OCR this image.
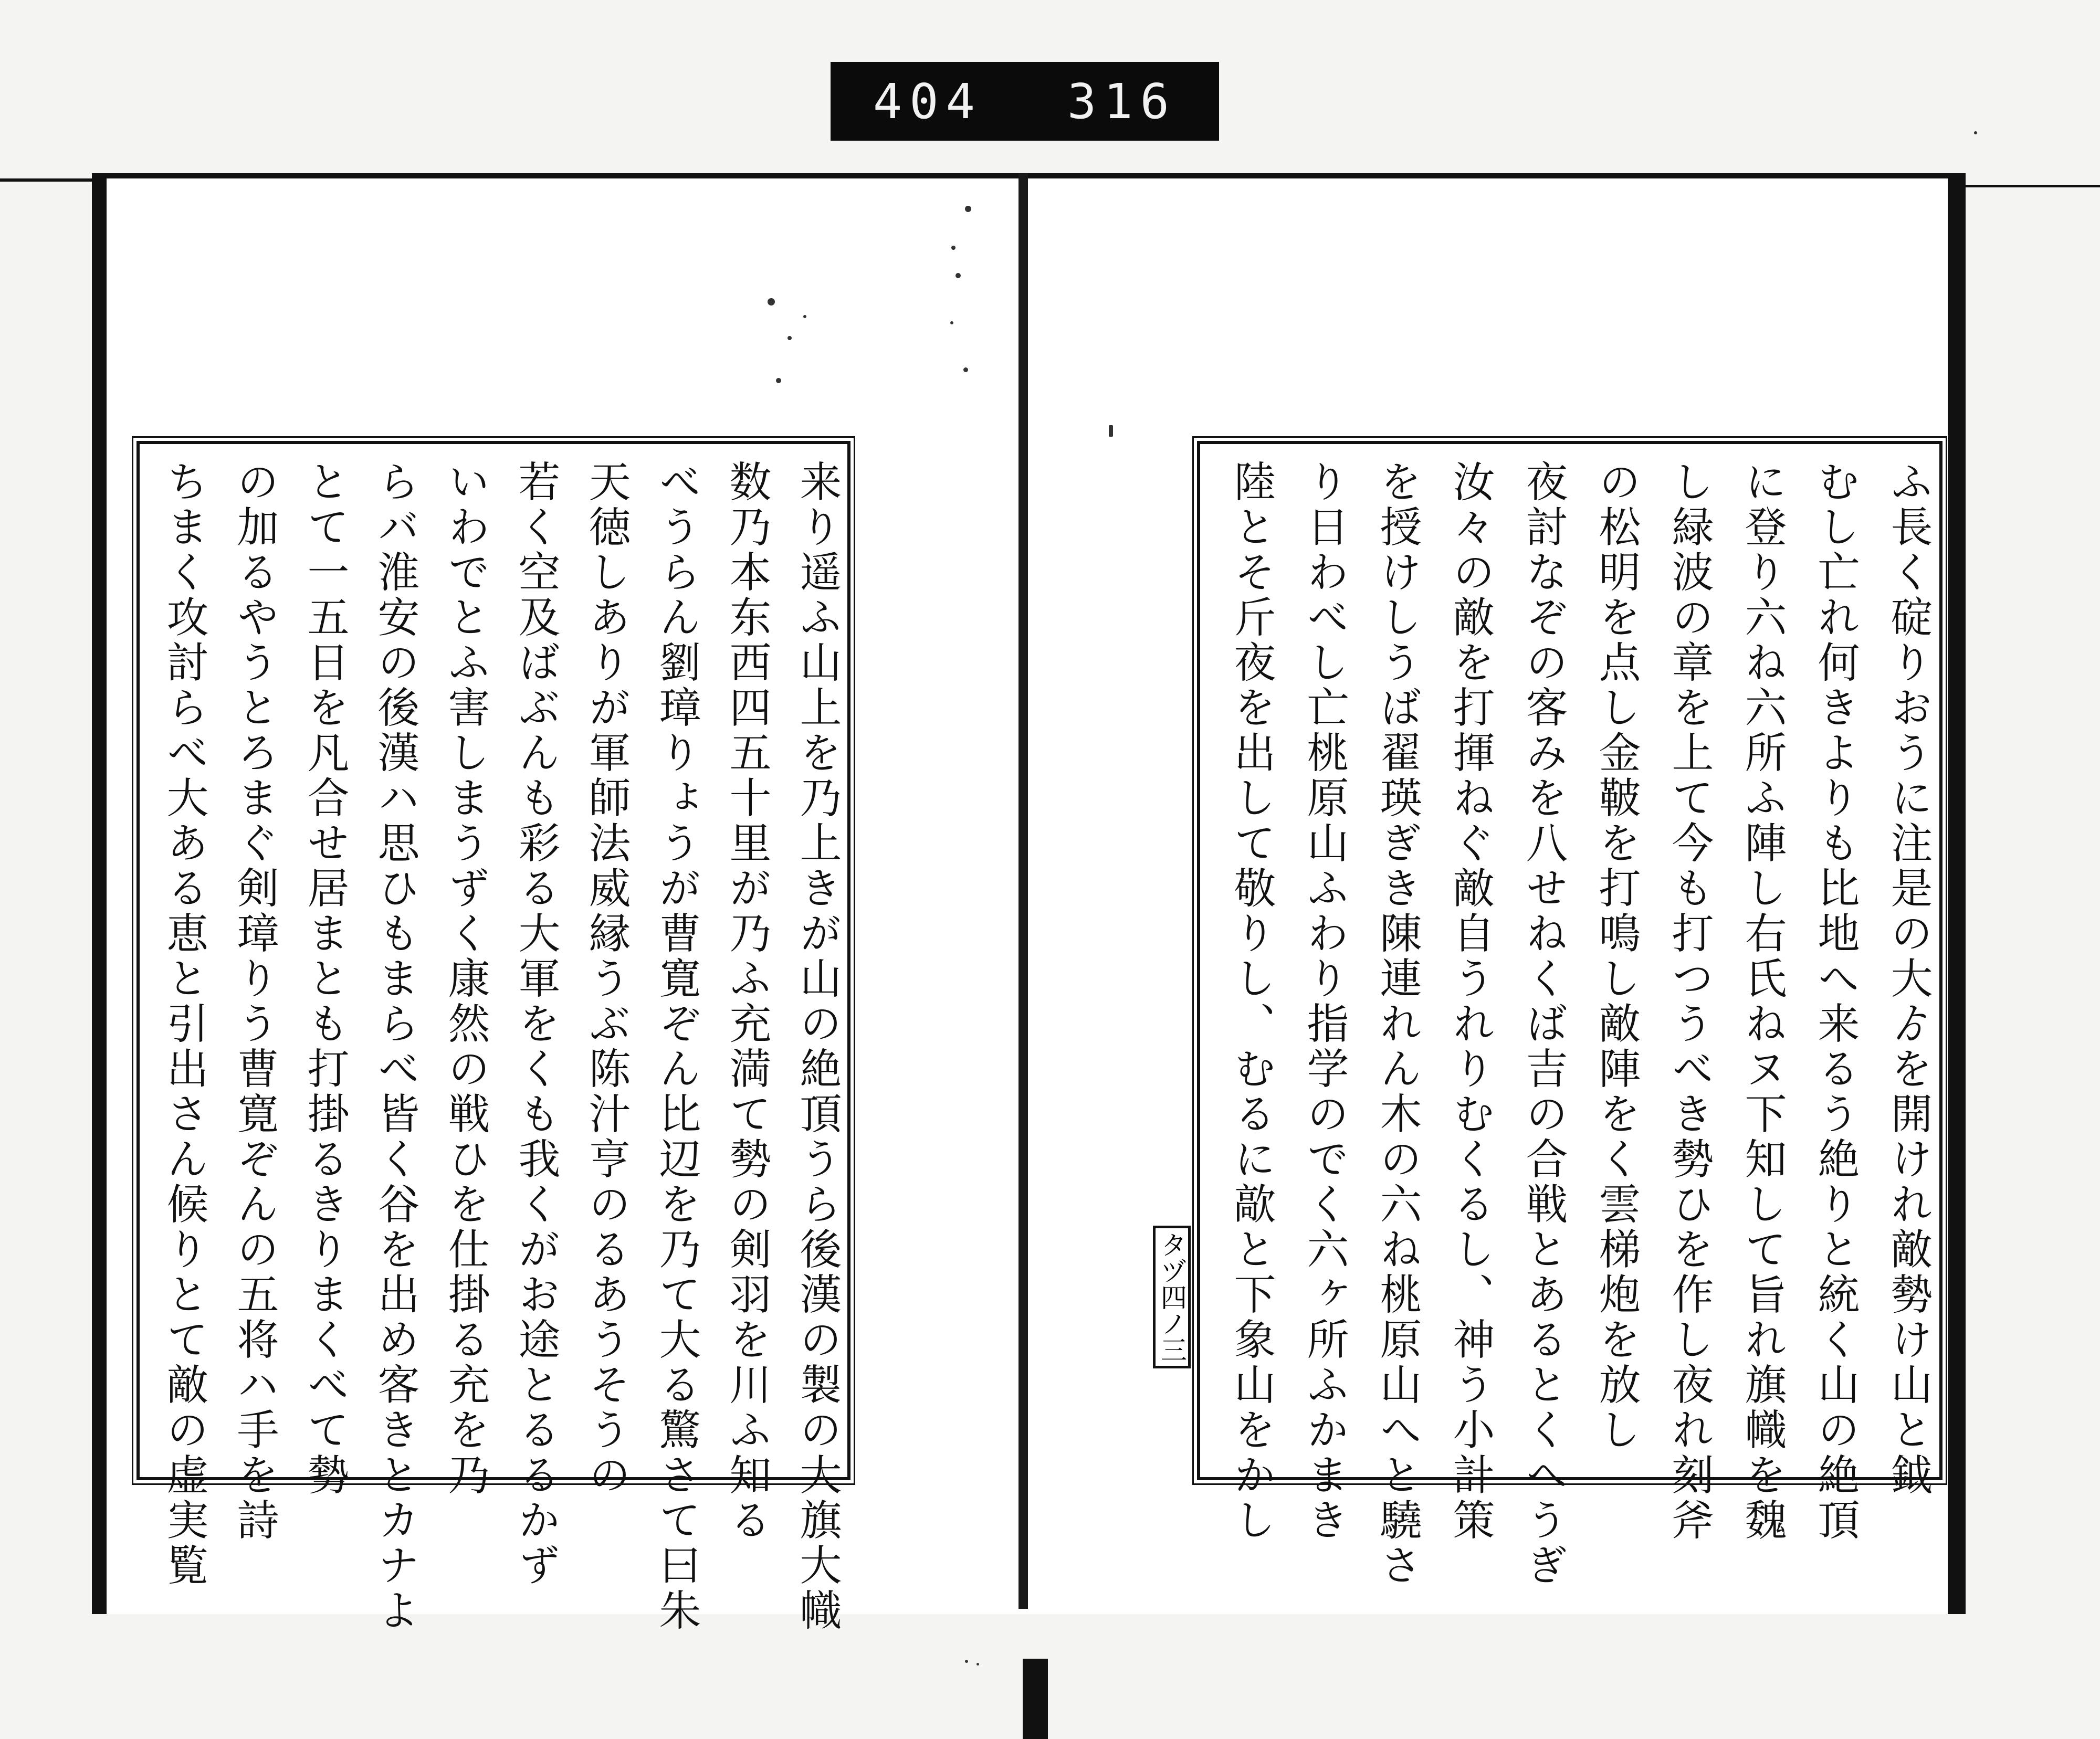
404 316
来り遥ふ山上を乃上きが山の絶頂うら後漢の製の大旗大幟
数乃本东西四五十里が乃ふ充満て勢の剣羽を川ふ知る
べうらん劉璋りょうが曹寛ぞん比辺を乃て大る驚さて曰朱
天徳しありが軍師法威縁うぶ陈汁亨のるあうそうの
若く空及ばぶんも彩る大軍をくも我くがお途とるるかず
いわでとふ害しまうずく康然の戦ひを仕掛る充を乃
らバ淮安の後漢ハ思ひもまらべ皆く谷を出め客きとカナよ
とて一五日を凡合せ居まとも打掛るきりまくべて勢
の加るやうとろまぐ剣璋りう曹寛ぞんの五将ハ手を詩
ちまく攻討らべ大ある恵と引出さん候りとて敵の虚実覧	ふ長く碇りおうに注是の大ゟを開けれ敵勢け山と鉞
むし亡れ何きよりも比地へ来るう絶りと統く山の絶頂
に登り六ね六所ふ陣し右氏ねヌ下知して旨れ旗幟を魏
し緑波の章を上て今も打つうべき勢ひを作し夜れ刻斧
の松明を点し金鞁を打鳴し敵陣をく雲梯炮を放し
夜討なぞの客みを八せねくば吉の合戦とあるとくへうぎ
汝々の敵を打揮ねぐ敵自うれりむくるし、神う小計策
を授けしうば翟瑛ぎき陳連れん木の六ね桃原山へと驍さ
り日わべし亡桃原山ふわり指学のでく六ヶ所ふかまき
陸とそ斤夜を出して敬りし、むるに歊と下象山をかし
タヅ四ノ三
